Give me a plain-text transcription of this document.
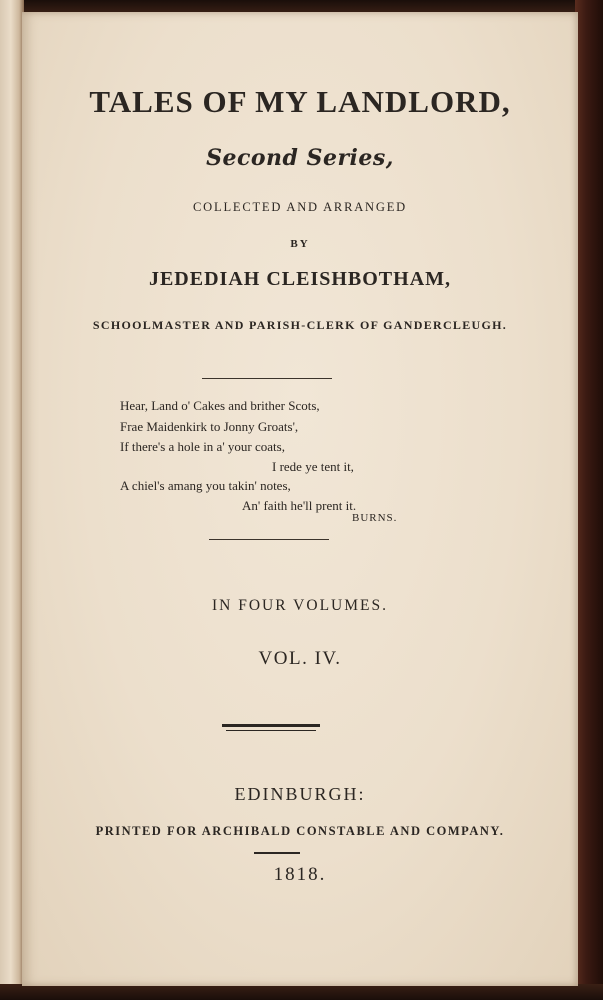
TALES OF MY LANDLORD,
Second Series,
COLLECTED AND ARRANGED
BY
JEDEDIAH CLEISHBOTHAM,
SCHOOLMASTER AND PARISH-CLERK OF GANDERCLEUGH.
Hear, Land o' Cakes and brither Scots,
Frae Maidenkirk to Jonny Groats',
If there's a hole in a' your coats,
I rede ye tent it,
A chiel's amang you takin' notes,
An' faith he'll prent it.
BURNS.
IN FOUR VOLUMES.
VOL. IV.
EDINBURGH:
PRINTED FOR ARCHIBALD CONSTABLE AND COMPANY.
1818.
